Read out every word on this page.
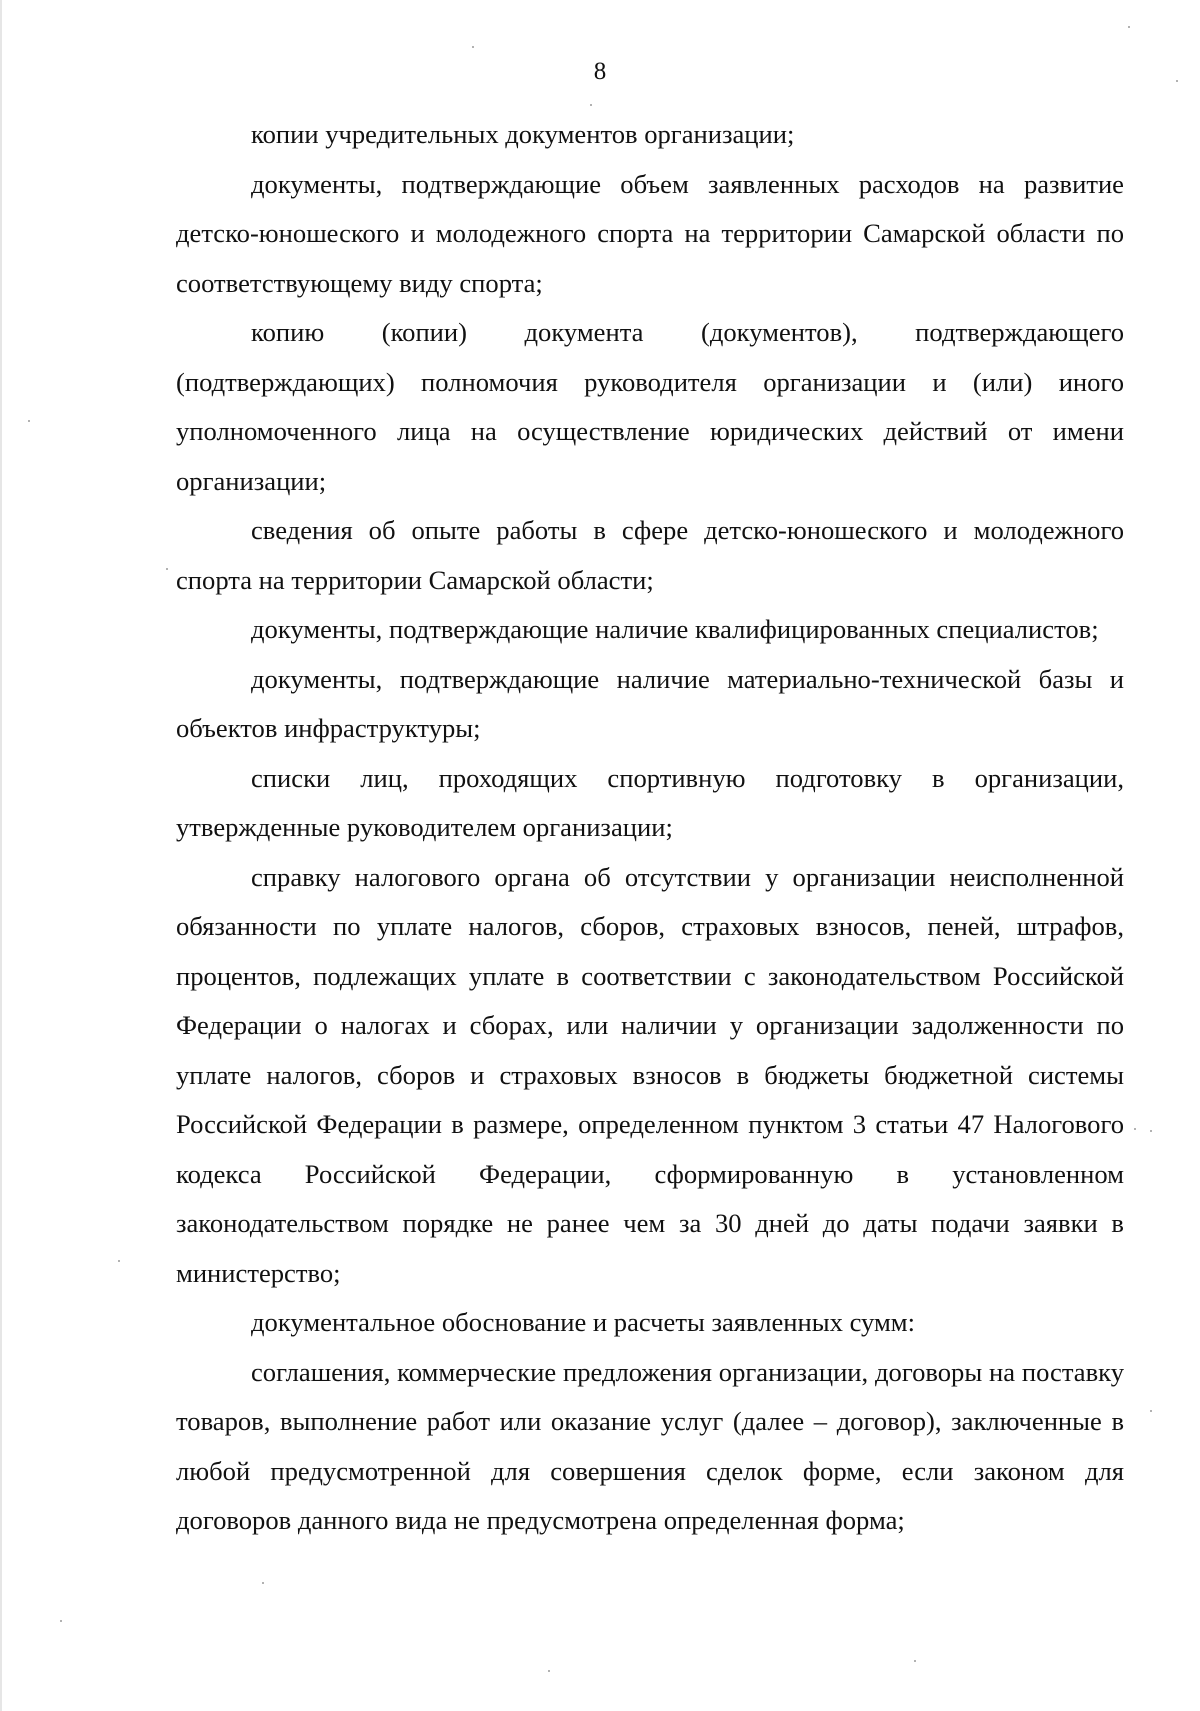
8

копии учредительных документов организации;

документы, подтверждающие объем заявленных расходов на развитие детско-юношеского и молодежного спорта на территории Самарской области по соответствующему виду спорта;

копию (копии) документа (документов), подтверждающего (подтверждающих) полномочия руководителя организации и (или) иного уполномоченного лица на осуществление юридических действий от имени организации;

сведения об опыте работы в сфере детско-юношеского и молодежного спорта на территории Самарской области;

документы, подтверждающие наличие квалифицированных специалистов;

документы, подтверждающие наличие материально-технической базы и объектов инфраструктуры;

списки лиц, проходящих спортивную подготовку в организации, утвержденные руководителем организации;

справку налогового органа об отсутствии у организации неисполненной обязанности по уплате налогов, сборов, страховых взносов, пеней, штрафов, процентов, подлежащих уплате в соответствии с законодательством Российской Федерации о налогах и сборах, или наличии у организации задолженности по уплате налогов, сборов и страховых взносов в бюджеты бюджетной системы Российской Федерации в размере, определенном пунктом 3 статьи 47 Налогового кодекса Российской Федерации, сформированную в установленном законодательством порядке не ранее чем за 30 дней до даты подачи заявки в министерство;

документальное обоснование и расчеты заявленных сумм:

соглашения, коммерческие предложения организации, договоры на поставку товаров, выполнение работ или оказание услуг (далее – договор), заключенные в любой предусмотренной для совершения сделок форме, если законом для договоров данного вида не предусмотрена определенная форма;
